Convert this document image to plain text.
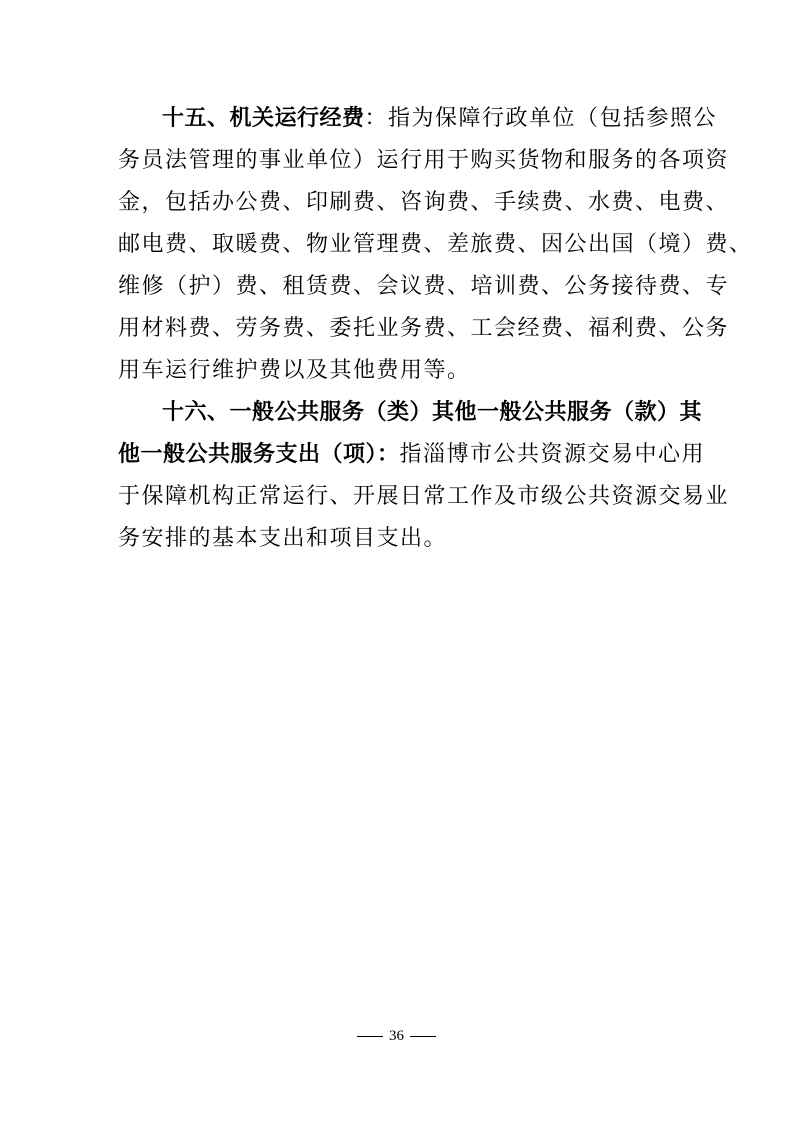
十五、机关运行经费：指为保障行政单位（包括参照公
务员法管理的事业单位）运行用于购买货物和服务的各项资
金，包括办公费、印刷费、咨询费、手续费、水费、电费、
邮电费、取暖费、物业管理费、差旅费、因公出国（境）费、
维修（护）费、租赁费、会议费、培训费、公务接待费、专
用材料费、劳务费、委托业务费、工会经费、福利费、公务
用车运行维护费以及其他费用等。
十六、一般公共服务（类）其他一般公共服务（款）其
他一般公共服务支出（项）：指淄博市公共资源交易中心用
于保障机构正常运行、开展日常工作及市级公共资源交易业
务安排的基本支出和项目支出。
36
